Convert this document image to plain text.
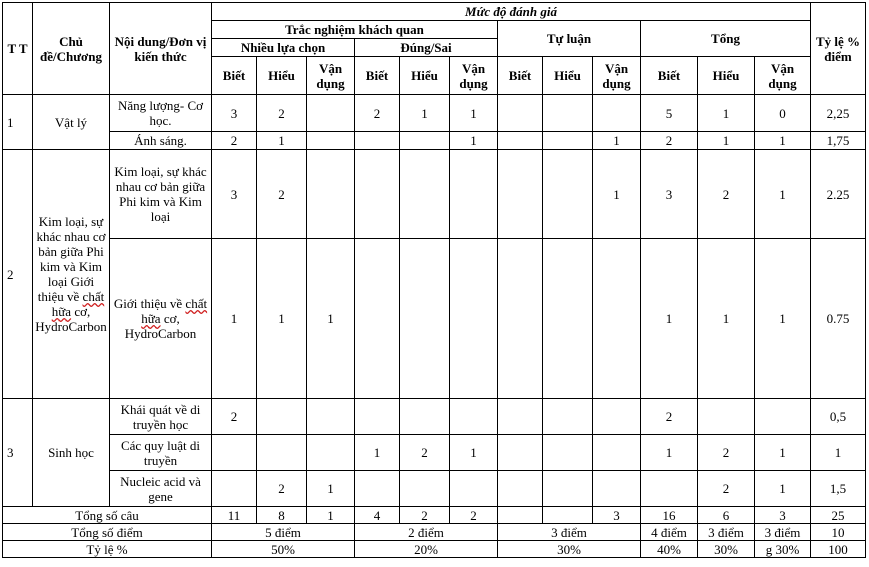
T T	Chủ đề/Chương	Nội dung/Đơn vị kiến thức	Mức độ đánh giá												Tỷ lệ % điểm
			Trắc nghiệm khách quan						Tự luận			Tổng			
			Nhiều lựa chọn			Đúng/Sai									
			Biết	Hiểu	Vận dụng	Biết	Hiểu	Vận dụng	Biết	Hiểu	Vận dụng	Biết	Hiểu	Vận dụng	
1	Vật lý	Năng lượng- Cơ học.	3	2		2	1	1				5	1	0	2,25
		Ánh sáng.	2	1				1			1	2	1	1	1,75
2	Kim loại, sự khác nhau cơ bản giữa Phi kim và Kim loại Giới thiệu về chất hữa cơ, HydroCarbon	Kim loại, sự khác nhau cơ bản giữa Phi kim và Kim loại	3	2							1	3	2	1	2.25
		Giới thiệu về chất hữa cơ, HydroCarbon	1	1	1							1	1	1	0.75
3	Sinh học	Khái quát về di truyền học	2									2			0,5
		Các quy luật di truyền				1	2	1				1	2	1	1
		Nucleic acid và gene		2	1								2	1	1,5
Tổng số câu			11	8	1	4	2	2			3	16	6	3	25
Tổng số điểm			5 điểm			2 điểm			3 điểm			4 điểm	3 điểm	3 điểm	10
Tỷ lệ %			50%			20%			30%			40%	30%	g 30%	100
